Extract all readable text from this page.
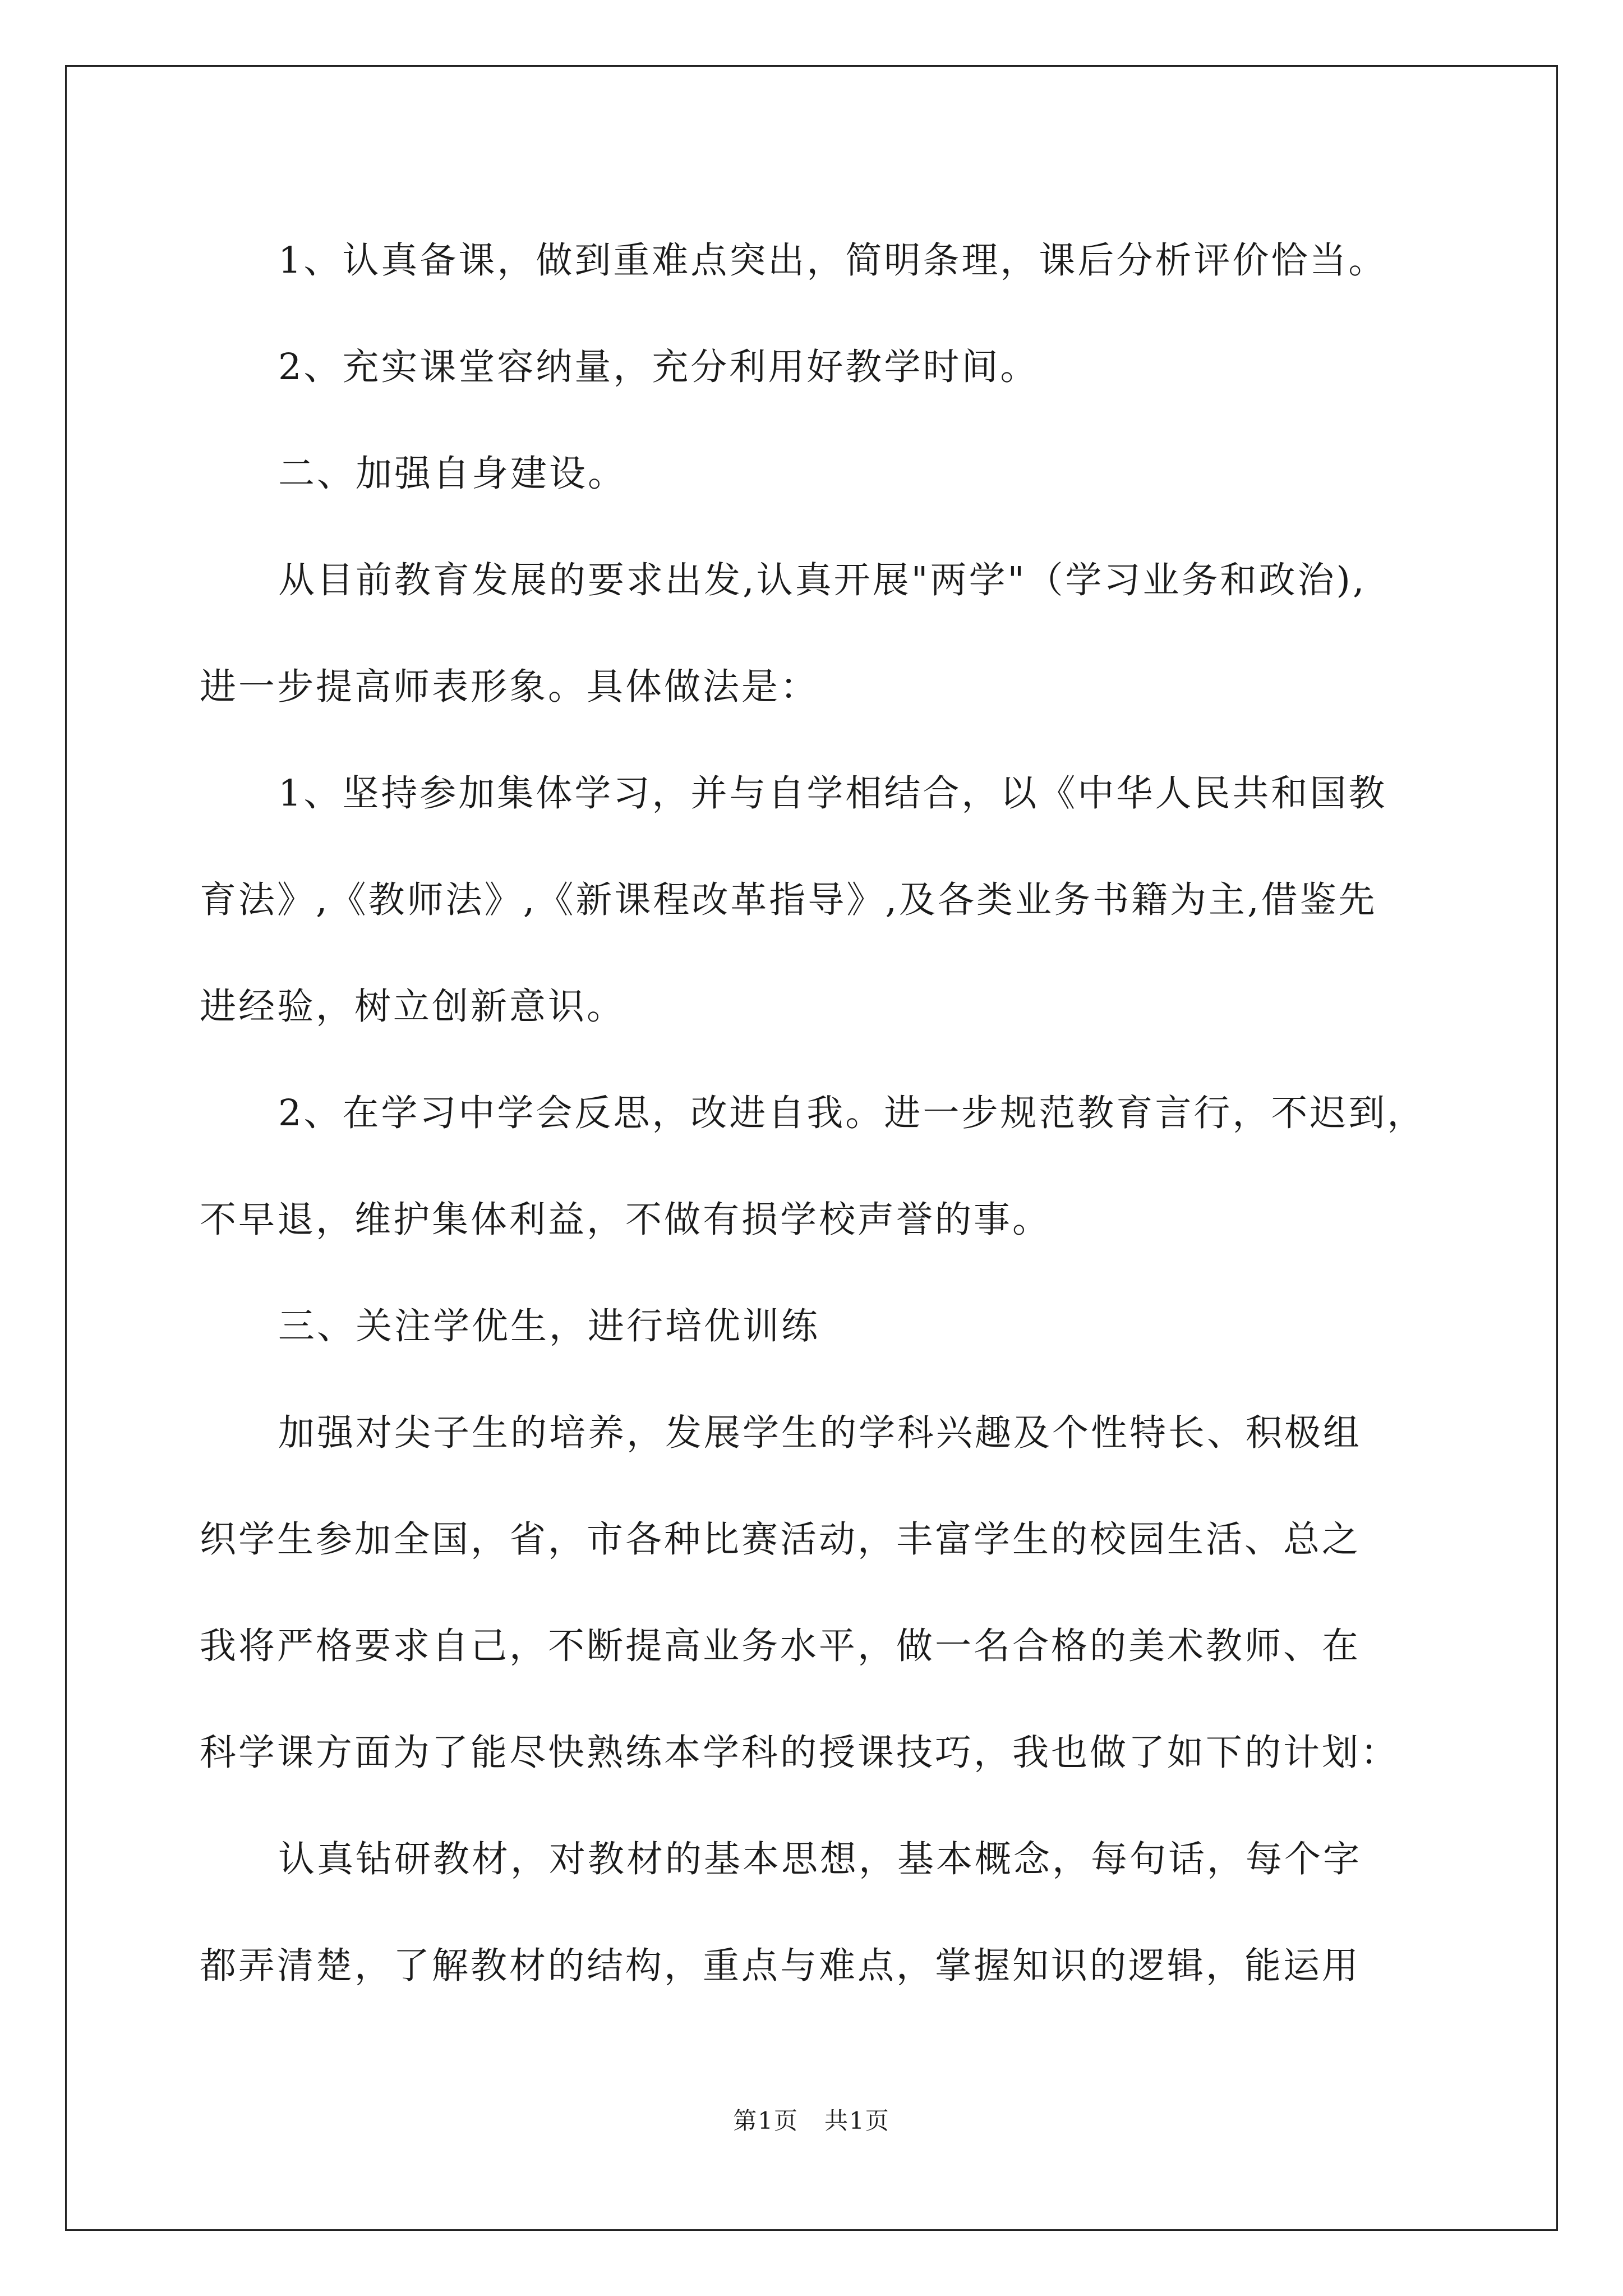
1、认真备课，做到重难点突出，简明条理，课后分析评价恰当。

2、充实课堂容纳量，充分利用好教学时间。

二、加强自身建设。

从目前教育发展的要求出发,认真开展"两学"（学习业务和政治),
进一步提高师表形象。具体做法是：

1、坚持参加集体学习，并与自学相结合，以《中华人民共和国教
育法》,《教师法》,《新课程改革指导》,及各类业务书籍为主,借鉴先
进经验，树立创新意识。

2、在学习中学会反思，改进自我。进一步规范教育言行，不迟到，
不早退，维护集体利益，不做有损学校声誉的事。

三、关注学优生，进行培优训练

加强对尖子生的培养，发展学生的学科兴趣及个性特长、积极组
织学生参加全国，省，市各种比赛活动，丰富学生的校园生活、总之
我将严格要求自己，不断提高业务水平，做一名合格的美术教师、在
科学课方面为了能尽快熟练本学科的授课技巧，我也做了如下的计划：

认真钻研教材，对教材的基本思想，基本概念，每句话，每个字
都弄清楚，了解教材的结构，重点与难点，掌握知识的逻辑，能运用

第1页 共1页
